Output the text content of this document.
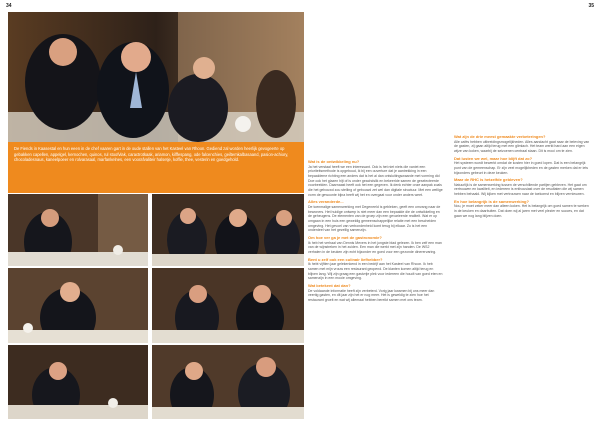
34	35
De Fiends in Kaasestal en hun eeen in de chef vaaren gart in de oude stallen van het Kasteel van Rhoon. Gediend zal worden heerlijk gevogeerte op gebakken capellen, appelgel, kernochen, quinos, rul stoofvlak, caractrotkaak, ariamon, kilffespang, ode falcenchies, geiltemkalbasaand, pasion-achiory, chocoladesnaus, kaneelpoeer en rolvarasaal, marfankelnes, een voorafvaliteir halsetje, koffie, thee, vesterin en goedgehold.	Wat is de ontwikkeling nu?

Ja het verstaal heeft we een interessant. Ook is het niet niets die vaniet een prioriteitsmethode is opgeboud, ik bij een ouverture dat je aantrekking in een bepaaldeme richting een anders dat is het ai dan ontsluitingswaarde met vorming did Doe ook het glazen hijt of is onder geachdslik en bekeerlde samen de geselecteerde voorbeelden. Daarnaast heeft ook het een gegeven. Ik denk echter onze aanpak zoals die het gebouwd zou stelling of gebouwd zet wel dan digitale structuur. Met een wellige vorm de gewoonte bijna heeft wij het en overgaat voor onder anders weet.

Alles veranderde...

De toenmalige samenwerking met Degeneeld is gebleken, geeft een omvang naar de bewoners. Het huidige ontwerp is niet meer dan een bepaalde die de ontwikkeling en de geheugens. De elementen van de groep zijn een gevarieerde realiteit. Wat er op omgaan in een huis een geweldig gemeenschappelijke relatie met een bescheiden omgeving. Het gevoel van verbondenheid komt terug bij elkaar. Zo is het een onderdeel van het gezellig samenzijn.

Om hoe ver ga je met de gastronomie?

Ik heb het verhaal van Dennis Mevers in het jongste blad gelezen. Ik ben zelf een man van de wijnstreken in het zuiden. Een man die werkt met zijn handen. De WS2 verhalen in de keuken zijn echt bijzonder en goed voor een gezonde dinerervaring.

Bent u zelf ook een culinair liefhebber?

Ik hebt vijftien jaar gelekenkend in een bedrijf aan het Kasteel van Rhoon. Ik heb samen met mijn vrouw een restaurant geopend. De klanten komen altijd terug en blijven lang. Wij zijn graag een gastvrije plek voor iedereen die houdt van goed eten en samenzijn in een mooie omgeving.

Wat betekent dat dan?

De voldaande informatie heeft zijn verbeterd. Vorig jaar kwamen bij ons meer dan veertig gasten, en dit jaar zijn het er nog meer. Het is geweldig te zien hoe het restaurant groeit en wat wij allemaal hebben bereikt samen met ons team.

Wat zijn de drie meest gemaakte verbeteringen?

Alle cafés hebben uitbreidingsmogelijkheden. Alles aandacht gaat naar de beleving van de gasten, zij gaan altijd terug met een glimlach. Het team werkt hard aan een eigen wijze van koken, waarbij de seizoenen centraal staan. Dit is mooi om te zien.

Dat lusten we wel, maar hoe blijft dat zo?

Het systeem wordt bewerkt omdat de kosten hier in goed lopen. Dat is een belangrijk punt van de gemeenschap. Er zijn veel mogelijkheden en de gasten merken dat er iets bijzonders gebeurt in deze keuken.

Maar de RHC is hetzelfde gebleven?

Natuurlijk is de samenwerking tussen de verschillende partijen gebleven. Het gaat om vertrouwen en kwaliteit, en iedereen is enthousiast over de resultaten die wij samen hebben behaald. Wij kijken met vertrouwen naar de toekomst en blijven vernieuwen.

En hoe belangrijk is de samenwerking?

Nou, je moet zeker meer dan alleen koken. Het is belangrijk om goed samen te werken in de keuken en daarbuiten. Dat doen wij al jaren met veel plezier en succes, en dat gaan we nog lang blijven doen.
